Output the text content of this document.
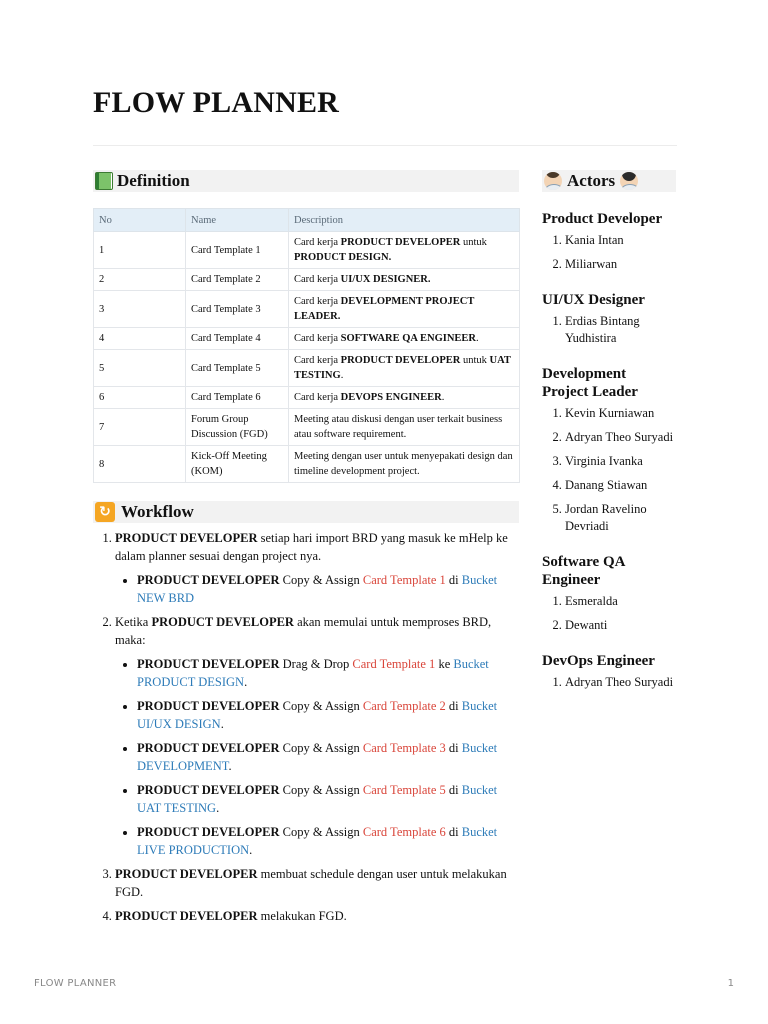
FLOW PLANNER
Definition
No	Name	Description
1	Card Template 1	Card kerja PRODUCT DEVELOPER untuk PRODUCT DESIGN.
2	Card Template 2	Card kerja UI/UX DESIGNER.
3	Card Template 3	Card kerja DEVELOPMENT PROJECT LEADER.
4	Card Template 4	Card kerja SOFTWARE QA ENGINEER.
5	Card Template 5	Card kerja PRODUCT DEVELOPER untuk UAT TESTING.
6	Card Template 6	Card kerja DEVOPS ENGINEER.
7	Forum Group Discussion (FGD)	Meeting atau diskusi dengan user terkait business atau software requirement.
8	Kick-Off Meeting (KOM)	Meeting dengan user untuk menyepakati design dan timeline development project.
↻ Workflow
1. PRODUCT DEVELOPER setiap hari import BRD yang masuk ke mHelp ke dalam planner sesuai dengan project nya.
• PRODUCT DEVELOPER Copy & Assign Card Template 1 di Bucket NEW BRD
2. Ketika PRODUCT DEVELOPER akan memulai untuk memproses BRD, maka:
• PRODUCT DEVELOPER Drag & Drop Card Template 1 ke Bucket PRODUCT DESIGN.
• PRODUCT DEVELOPER Copy & Assign Card Template 2 di Bucket UI/UX DESIGN.
• PRODUCT DEVELOPER Copy & Assign Card Template 3 di Bucket DEVELOPMENT.
• PRODUCT DEVELOPER Copy & Assign Card Template 5 di Bucket UAT TESTING.
• PRODUCT DEVELOPER Copy & Assign Card Template 6 di Bucket LIVE PRODUCTION.
3. PRODUCT DEVELOPER membuat schedule dengan user untuk melakukan FGD.
4. PRODUCT DEVELOPER melakukan FGD.
Actors
Product Developer
1. Kania Intan
2. Miliarwan
UI/UX Designer
1. Erdias Bintang Yudhistira
Development Project Leader
1. Kevin Kurniawan
2. Adryan Theo Suryadi
3. Virginia Ivanka
4. Danang Stiawan
5. Jordan Ravelino Devriadi
Software QA Engineer
1. Esmeralda
2. Dewanti
DevOps Engineer
1. Adryan Theo Suryadi
FLOW PLANNER	1
